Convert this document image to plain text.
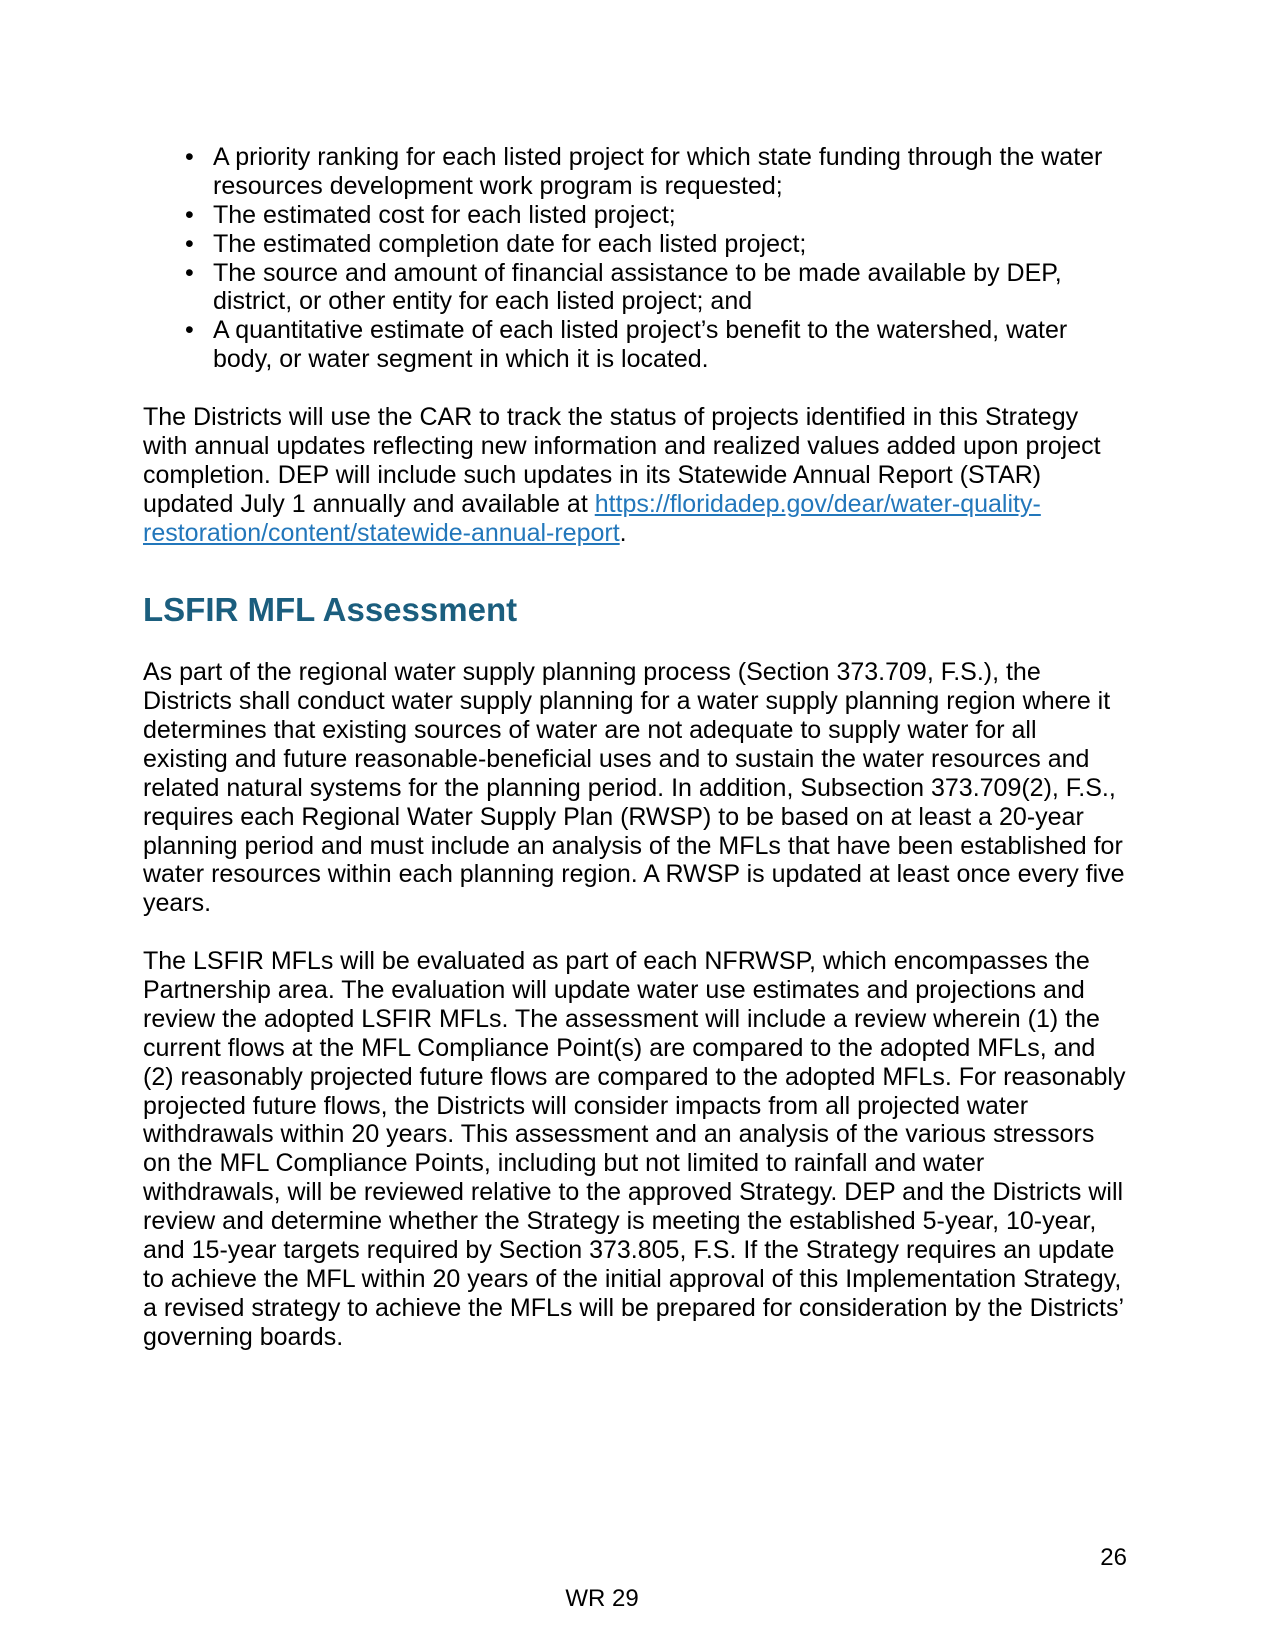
• A priority ranking for each listed project for which state funding through the water resources development work program is requested;
• The estimated cost for each listed project;
• The estimated completion date for each listed project;
• The source and amount of financial assistance to be made available by DEP, district, or other entity for each listed project; and
• A quantitative estimate of each listed project’s benefit to the watershed, water body, or water segment in which it is located.

The Districts will use the CAR to track the status of projects identified in this Strategy with annual updates reflecting new information and realized values added upon project completion. DEP will include such updates in its Statewide Annual Report (STAR) updated July 1 annually and available at https://floridadep.gov/dear/water-quality-restoration/content/statewide-annual-report.

LSFIR MFL Assessment

As part of the regional water supply planning process (Section 373.709, F.S.), the Districts shall conduct water supply planning for a water supply planning region where it determines that existing sources of water are not adequate to supply water for all existing and future reasonable-beneficial uses and to sustain the water resources and related natural systems for the planning period. In addition, Subsection 373.709(2), F.S., requires each Regional Water Supply Plan (RWSP) to be based on at least a 20-year planning period and must include an analysis of the MFLs that have been established for water resources within each planning region. A RWSP is updated at least once every five years.

The LSFIR MFLs will be evaluated as part of each NFRWSP, which encompasses the Partnership area. The evaluation will update water use estimates and projections and review the adopted LSFIR MFLs. The assessment will include a review wherein (1) the current flows at the MFL Compliance Point(s) are compared to the adopted MFLs, and (2) reasonably projected future flows are compared to the adopted MFLs. For reasonably projected future flows, the Districts will consider impacts from all projected water withdrawals within 20 years. This assessment and an analysis of the various stressors on the MFL Compliance Points, including but not limited to rainfall and water withdrawals, will be reviewed relative to the approved Strategy. DEP and the Districts will review and determine whether the Strategy is meeting the established 5-year, 10-year, and 15-year targets required by Section 373.805, F.S. If the Strategy requires an update to achieve the MFL within 20 years of the initial approval of this Implementation Strategy, a revised strategy to achieve the MFLs will be prepared for consideration by the Districts’ governing boards.

26
WR 29
